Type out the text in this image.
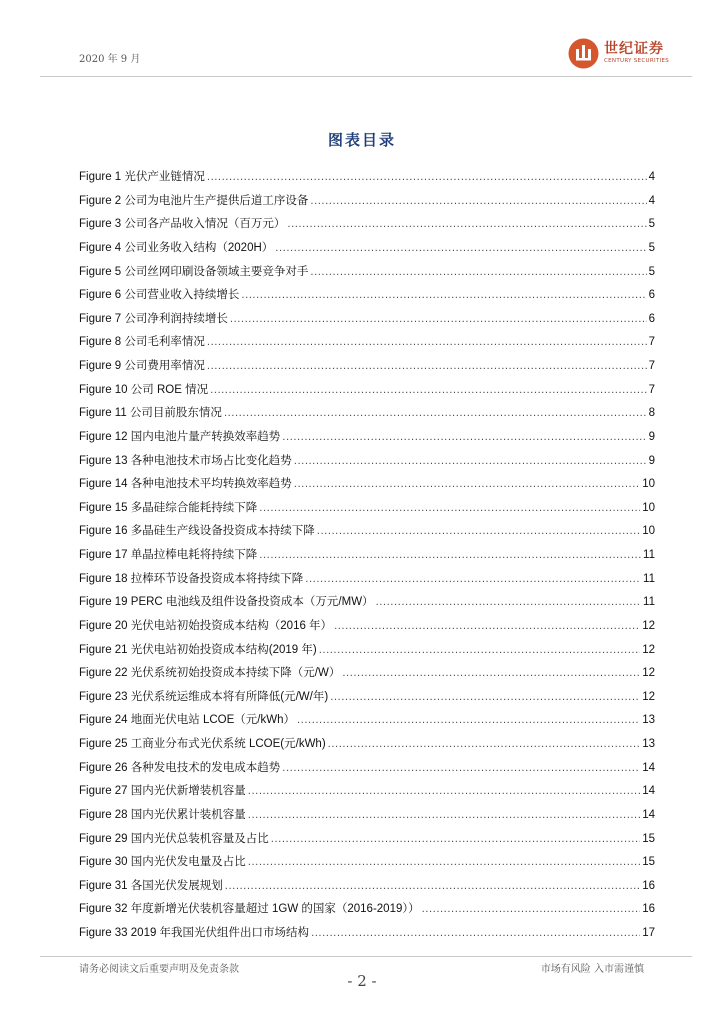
2020 年 9 月
世纪证券
CENTURY SECURITIES
图表目录
Figure 1 光伏产业链情况 .....	4
Figure 2 公司为电池片生产提供后道工序设备 .....	4
Figure 3 公司各产品收入情况（百万元） .....	5
Figure 4 公司业务收入结构（2020H） .....	5
Figure 5 公司丝网印刷设备领域主要竞争对手 .....	5
Figure 6 公司营业收入持续增长 .....	6
Figure 7 公司净利润持续增长 .....	6
Figure 8 公司毛利率情况 .....	7
Figure 9 公司费用率情况 .....	7
Figure 10 公司 ROE 情况 .....	7
Figure 11 公司目前股东情况 .....	8
Figure 12 国内电池片量产转换效率趋势 .....	9
Figure 13 各种电池技术市场占比变化趋势 .....	9
Figure 14 各种电池技术平均转换效率趋势 .....	10
Figure 15 多晶硅综合能耗持续下降 .....	10
Figure 16 多晶硅生产线设备投资成本持续下降 .....	10
Figure 17 单晶拉棒电耗将持续下降 .....	11
Figure 18 拉棒环节设备投资成本将持续下降 .....	11
Figure 19 PERC 电池线及组件设备投资成本（万元/MW） .....	11
Figure 20 光伏电站初始投资成本结构（2016 年） .....	12
Figure 21 光伏电站初始投资成本结构(2019 年) .....	12
Figure 22 光伏系统初始投资成本持续下降（元/W） .....	12
Figure 23 光伏系统运维成本将有所降低(元/W/年) .....	12
Figure 24 地面光伏电站 LCOE（元/kWh） .....	13
Figure 25 工商业分布式光伏系统 LCOE(元/kWh) .....	13
Figure 26 各种发电技术的发电成本趋势 .....	14
Figure 27 国内光伏新增装机容量 .....	14
Figure 28 国内光伏累计装机容量 .....	14
Figure 29 国内光伏总装机容量及占比 .....	15
Figure 30 国内光伏发电量及占比 .....	15
Figure 31 各国光伏发展规划 .....	16
Figure 32 年度新增光伏装机容量超过 1GW 的国家（2016-2019）） .....	16
Figure 33 2019 年我国光伏组件出口市场结构 .....	17
请务必阅读文后重要声明及免责条款	市场有风险 入市需谨慎
- 2 -
